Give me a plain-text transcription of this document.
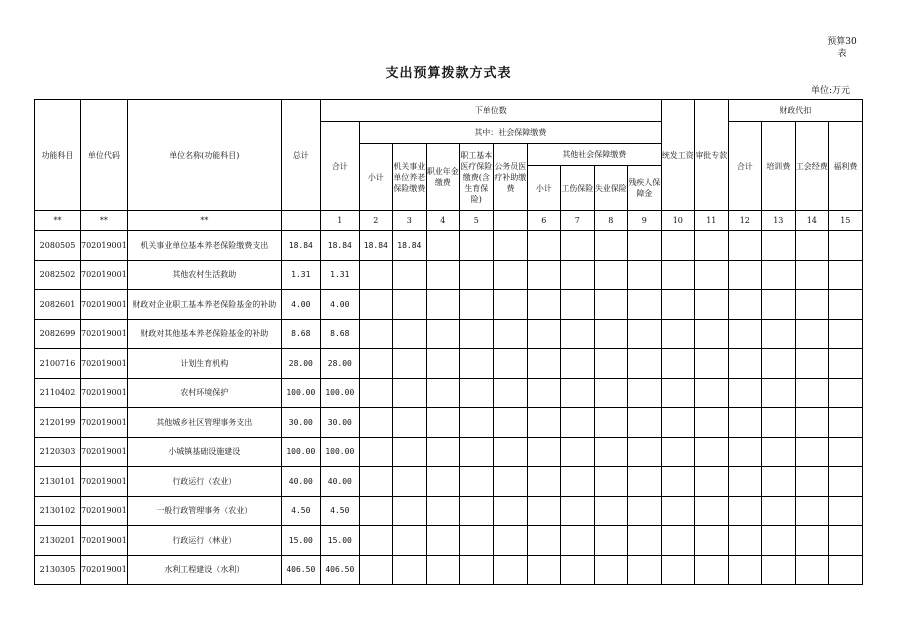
预算30
表
支出预算拨款方式表
单位:万元
功能科目	单位代码	单位名称(功能科目)	总计	下单位数										统发工资	审批专款	财政代扣			
				合计	其中：社会保障缴费											合计	培训费	工会经费	福利费
					小计	机关事业单位养老保险缴费	职业年金缴费	职工基本医疗保险缴费(含生育保险)	公务员医疗补助缴费	其他社会保障缴费									
										小计	工伤保险	失业保险	残疾人保障金						
**	**	**		1	2	3	4	5		6	7	8	9	10	11	12	13	14	15
2080505	702019001	机关事业单位基本养老保险缴费支出	18.84	18.84	18.84	18.84													
2082502	702019001	其他农村生活救助	1.31	1.31															
2082601	702019001	财政对企业职工基本养老保险基金的补助	4.00	4.00															
2082699	702019001	财政对其他基本养老保险基金的补助	8.68	8.68															
2100716	702019001	计划生育机构	28.00	28.00															
2110402	702019001	农村环境保护	100.00	100.00															
2120199	702019001	其他城乡社区管理事务支出	30.00	30.00															
2120303	702019001	小城镇基础设施建设	100.00	100.00															
2130101	702019001	行政运行（农业）	40.00	40.00															
2130102	702019001	一般行政管理事务（农业）	4.50	4.50															
2130201	702019001	行政运行（林业）	15.00	15.00															
2130305	702019001	水利工程建设（水利）	406.50	406.50															
